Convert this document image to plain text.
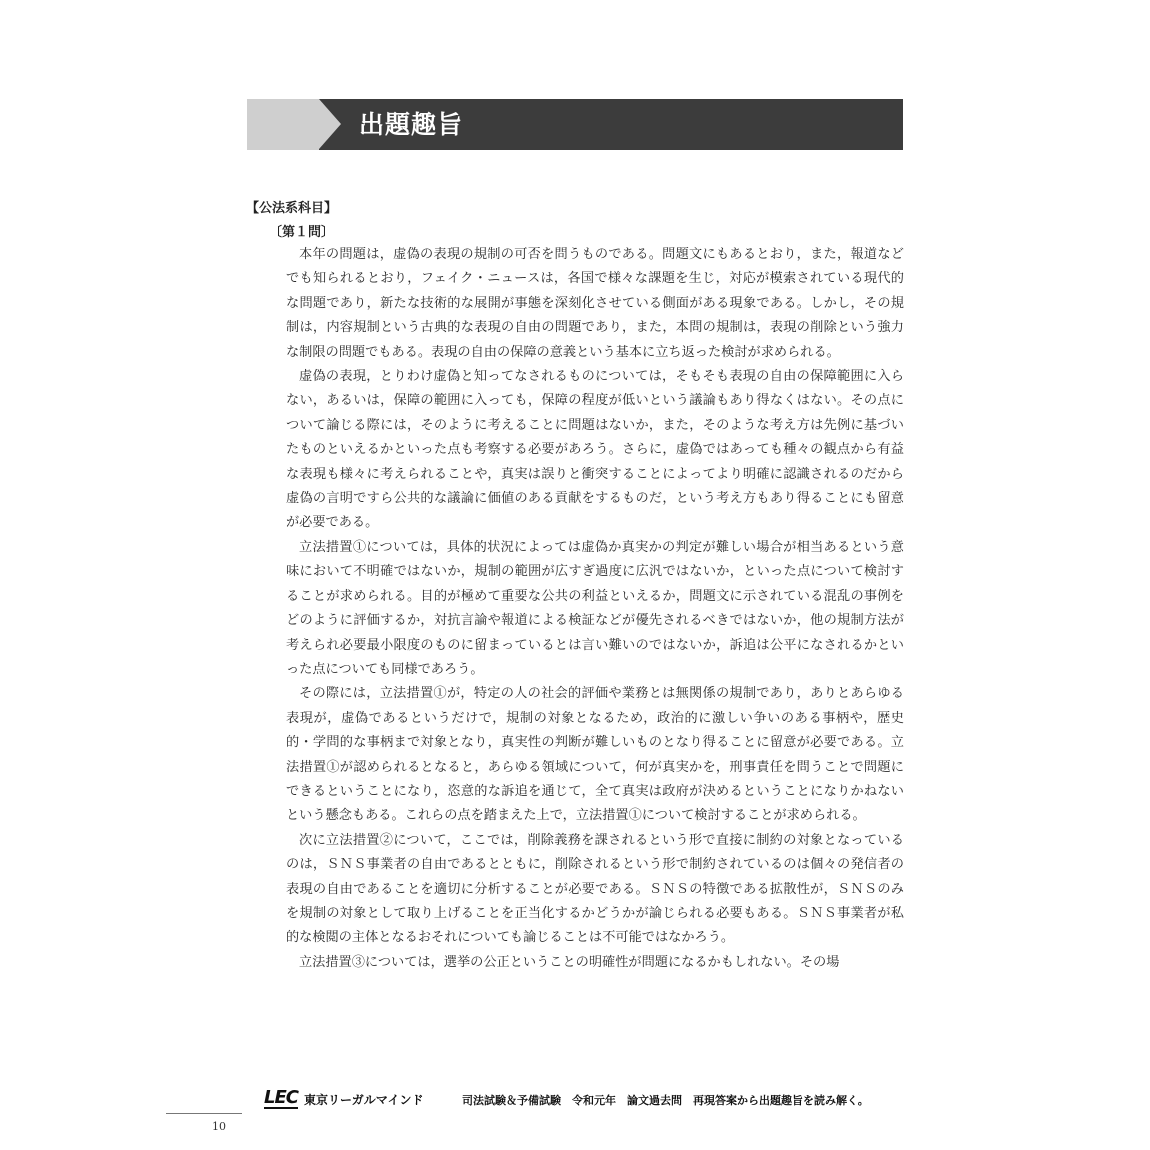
出題趣旨
【公法系科目】
〔第１問〕

本年の問題は，虚偽の表現の規制の可否を問うものである。問題文にもあるとおり，また，報道などでも知られるとおり，フェイク・ニュースは，各国で様々な課題を生じ，対応が模索されている現代的な問題であり，新たな技術的な展開が事態を深刻化させている側面がある現象である。しかし，その規制は，内容規制という古典的な表現の自由の問題であり，また，本問の規制は，表現の削除という強力な制限の問題でもある。表現の自由の保障の意義という基本に立ち返った検討が求められる。

虚偽の表現，とりわけ虚偽と知ってなされるものについては，そもそも表現の自由の保障範囲に入らない，あるいは，保障の範囲に入っても，保障の程度が低いという議論もあり得なくはない。その点について論じる際には，そのように考えることに問題はないか，また，そのような考え方は先例に基づいたものといえるかといった点も考察する必要があろう。さらに，虚偽ではあっても種々の観点から有益な表現も様々に考えられることや，真実は誤りと衝突することによってより明確に認識されるのだから虚偽の言明ですら公共的な議論に価値のある貢献をするものだ，という考え方もあり得ることにも留意が必要である。

立法措置①については，具体的状況によっては虚偽か真実かの判定が難しい場合が相当あるという意味において不明確ではないか，規制の範囲が広すぎ過度に広汎ではないか，といった点について検討することが求められる。目的が極めて重要な公共の利益といえるか，問題文に示されている混乱の事例をどのように評価するか，対抗言論や報道による検証などが優先されるべきではないか，他の規制方法が考えられ必要最小限度のものに留まっているとは言い難いのではないか，訴追は公平になされるかといった点についても同様であろう。

その際には，立法措置①が，特定の人の社会的評価や業務とは無関係の規制であり，ありとあらゆる表現が，虚偽であるというだけで，規制の対象となるため，政治的に激しい争いのある事柄や，歴史的・学問的な事柄まで対象となり，真実性の判断が難しいものとなり得ることに留意が必要である。立法措置①が認められるとなると，あらゆる領域について，何が真実かを，刑事責任を問うことで問題にできるということになり，恣意的な訴追を通じて，全て真実は政府が決めるということになりかねないという懸念もある。これらの点を踏まえた上で，立法措置①について検討することが求められる。

次に立法措置②について，ここでは，削除義務を課されるという形で直接に制約の対象となっているのは，ＳＮＳ事業者の自由であるとともに，削除されるという形で制約されているのは個々の発信者の表現の自由であることを適切に分析することが必要である。ＳＮＳの特徴である拡散性が，ＳＮＳのみを規制の対象として取り上げることを正当化するかどうかが論じられる必要もある。ＳＮＳ事業者が私的な検閲の主体となるおそれについても論じることは不可能ではなかろう。

立法措置③については，選挙の公正ということの明確性が問題になるかもしれない。その場

LEC 東京リーガルマインド	司法試験＆予備試験　令和元年　論文過去問　再現答案から出題趣旨を読み解く。
10
